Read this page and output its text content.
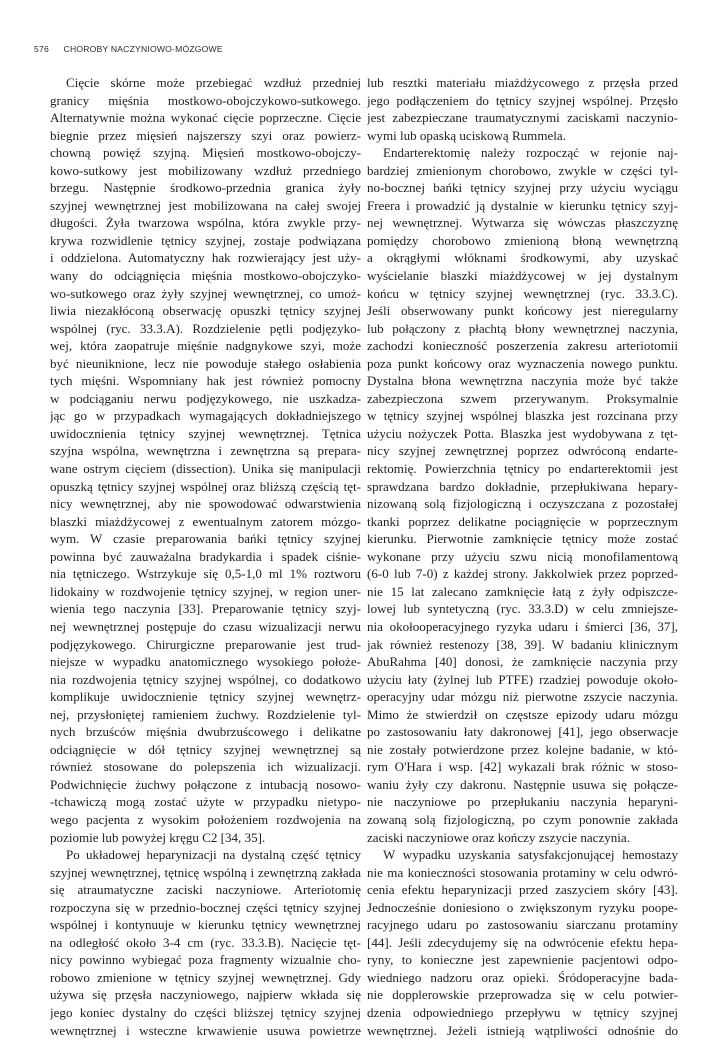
576 CHOROBY NACZYNIOWO-MÓZGOWE
Cięcie skórne może przebiegać wzdłuż przedniej
granicy mięśnia mostkowo-obojczykowo-sutkowego.
Alternatywnie można wykonać cięcie poprzeczne. Cięcie
biegnie przez mięsień najszerszy szyi oraz powierz-
chowną powięź szyjną. Mięsień mostkowo-obojczy-
kowo-sutkowy jest mobilizowany wzdłuż przedniego
brzegu. Następnie środkowo-przednia granica żyły
szyjnej wewnętrznej jest mobilizowana na całej swojej
długości. Żyła twarzowa wspólna, która zwykle przy-
krywa rozwidlenie tętnicy szyjnej, zostaje podwiązana
i oddzielona. Automatyczny hak rozwierający jest uży-
wany do odciągnięcia mięśnia mostkowo-obojczyko-
wo-sutkowego oraz żyły szyjnej wewnętrznej, co umoż-
liwia niezakłóconą obserwację opuszki tętnicy szyjnej
wspólnej (ryc. 33.3.A). Rozdzielenie pętli podjęzyko-
wej, która zaopatruje mięśnie nadgnykowe szyi, może
być nieuniknione, lecz nie powoduje stałego osłabienia
tych mięśni. Wspomniany hak jest również pomocny
w podciąganiu nerwu podjęzykowego, nie uszkadza-
jąc go w przypadkach wymagających dokładniejszego
uwidocznienia tętnicy szyjnej wewnętrznej. Tętnica
szyjna wspólna, wewnętrzna i zewnętrzna są prepara-
wane ostrym cięciem (dissection). Unika się manipulacji
opuszką tętnicy szyjnej wspólnej oraz bliższą częścią tęt-
nicy wewnętrznej, aby nie spowodować odwarstwienia
blaszki miażdżycowej z ewentualnym zatorem mózgo-
wym. W czasie preparowania bańki tętnicy szyjnej
powinna być zauważalna bradykardia i spadek ciśnie-
nia tętniczego. Wstrzykuje się 0,5-1,0 ml 1% roztworu
lidokainy w rozdwojenie tętnicy szyjnej, w region uner-
wienia tego naczynia [33]. Preparowanie tętnicy szyj-
nej wewnętrznej postępuje do czasu wizualizacji nerwu
podjęzykowego. Chirurgiczne preparowanie jest trud-
niejsze w wypadku anatomicznego wysokiego położe-
nia rozdwojenia tętnicy szyjnej wspólnej, co dodatkowo
komplikuje uwidocznienie tętnicy szyjnej wewnętrz-
nej, przysłoniętej ramieniem żuchwy. Rozdzielenie tyl-
nych brzuśców mięśnia dwubrzuścowego i delikatne
odciągnięcie w dół tętnicy szyjnej wewnętrznej są
również stosowane do polepszenia ich wizualizacji.
Podwichnięcie żuchwy połączone z intubacją nosowo-
-tchawiczą mogą zostać użyte w przypadku nietypo-
wego pacjenta z wysokim położeniem rozdwojenia na
poziomie lub powyżej kręgu C2 [34, 35].
Po układowej heparynizacji na dystalną część tętnicy
szyjnej wewnętrznej, tętnicę wspólną i zewnętrzną zakłada
się atraumatyczne zaciski naczyniowe. Arteriotomię
rozpoczyna się w przednio-bocznej części tętnicy szyjnej
wspólnej i kontynuuje w kierunku tętnicy wewnętrznej
na odległość około 3-4 cm (ryc. 33.3.B). Nacięcie tęt-
nicy powinno wybiegać poza fragmenty wizualnie cho-
robowo zmienione w tętnicy szyjnej wewnętrznej. Gdy
używa się przęsła naczyniowego, najpierw wkłada się
jego koniec dystalny do części bliższej tętnicy szyjnej
wewnętrznej i wsteczne krwawienie usuwa powietrze
lub resztki materiału miażdżycowego z przęsła przed
jego podłączeniem do tętnicy szyjnej wspólnej. Przęsło
jest zabezpieczane traumatycznymi zaciskami naczynio-
wymi lub opaską uciskową Rummela.
Endarterektomię należy rozpocząć w rejonie naj-
bardziej zmienionym chorobowo, zwykle w części tyl-
no-bocznej bańki tętnicy szyjnej przy użyciu wyciągu
Freera i prowadzić ją dystalnie w kierunku tętnicy szyj-
nej wewnętrznej. Wytwarza się wówczas płaszczyznę
pomiędzy chorobowo zmienioną błoną wewnętrzną
a okrągłymi włóknami środkowymi, aby uzyskać
wyścielanie blaszki miażdżycowej w jej dystalnym
końcu w tętnicy szyjnej wewnętrznej (ryc. 33.3.C).
Jeśli obserwowany punkt końcowy jest nieregularny
lub połączony z płachtą błony wewnętrznej naczynia,
zachodzi konieczność poszerzenia zakresu arteriotomii
poza punkt końcowy oraz wyznaczenia nowego punktu.
Dystalna błona wewnętrzna naczynia może być także
zabezpieczona szwem przerywanym. Proksymalnie
w tętnicy szyjnej wspólnej blaszka jest rozcinana przy
użyciu nożyczek Potta. Blaszka jest wydobywana z tęt-
nicy szyjnej zewnętrznej poprzez odwróconą endarte-
rektomię. Powierzchnia tętnicy po endarterektomii jest
sprawdzana bardzo dokładnie, przepłukiwana hepary-
nizowaną solą fizjologiczną i oczyszczana z pozostałej
tkanki poprzez delikatne pociągnięcie w poprzecznym
kierunku. Pierwotnie zamknięcie tętnicy może zostać
wykonane przy użyciu szwu nicią monofilamentową
(6-0 lub 7-0) z każdej strony. Jakkolwiek przez poprzed-
nie 15 lat zalecano zamknięcie łatą z żyły odpiszcze-
lowej lub syntetyczną (ryc. 33.3.D) w celu zmniejsze-
nia okołooperacyjnego ryzyka udaru i śmierci [36, 37],
jak również restenozy [38, 39]. W badaniu klinicznym
AbuRahma [40] donosi, że zamknięcie naczynia przy
użyciu łaty (żylnej lub PTFE) rzadziej powoduje około-
operacyjny udar mózgu niż pierwotne zszycie naczynia.
Mimo że stwierdził on częstsze epizody udaru mózgu
po zastosowaniu łaty dakronowej [41], jego obserwacje
nie zostały potwierdzone przez kolejne badanie, w któ-
rym O'Hara i wsp. [42] wykazali brak różnic w stoso-
waniu żyły czy dakronu. Następnie usuwa się połącze-
nie naczyniowe po przepłukaniu naczynia heparyni-
zowaną solą fizjologiczną, po czym ponownie zakłada
zaciski naczyniowe oraz kończy zszycie naczynia.
W wypadku uzyskania satysfakcjonującej hemostazy
nie ma konieczności stosowania protaminy w celu odwró-
cenia efektu heparynizacji przed zaszyciem skóry [43].
Jednocześnie doniesiono o zwiększonym ryzyku poope-
racyjnego udaru po zastosowaniu siarczanu protaminy
[44]. Jeśli zdecydujemy się na odwrócenie efektu hepa-
ryny, to konieczne jest zapewnienie pacjentowi odpo-
wiedniego nadzoru oraz opieki. Śródoperacyjne bada-
nie dopplerowskie przeprowadza się w celu potwier-
dzenia odpowiedniego przepływu w tętnicy szyjnej
wewnętrznej. Jeżeli istnieją wątpliwości odnośnie do
